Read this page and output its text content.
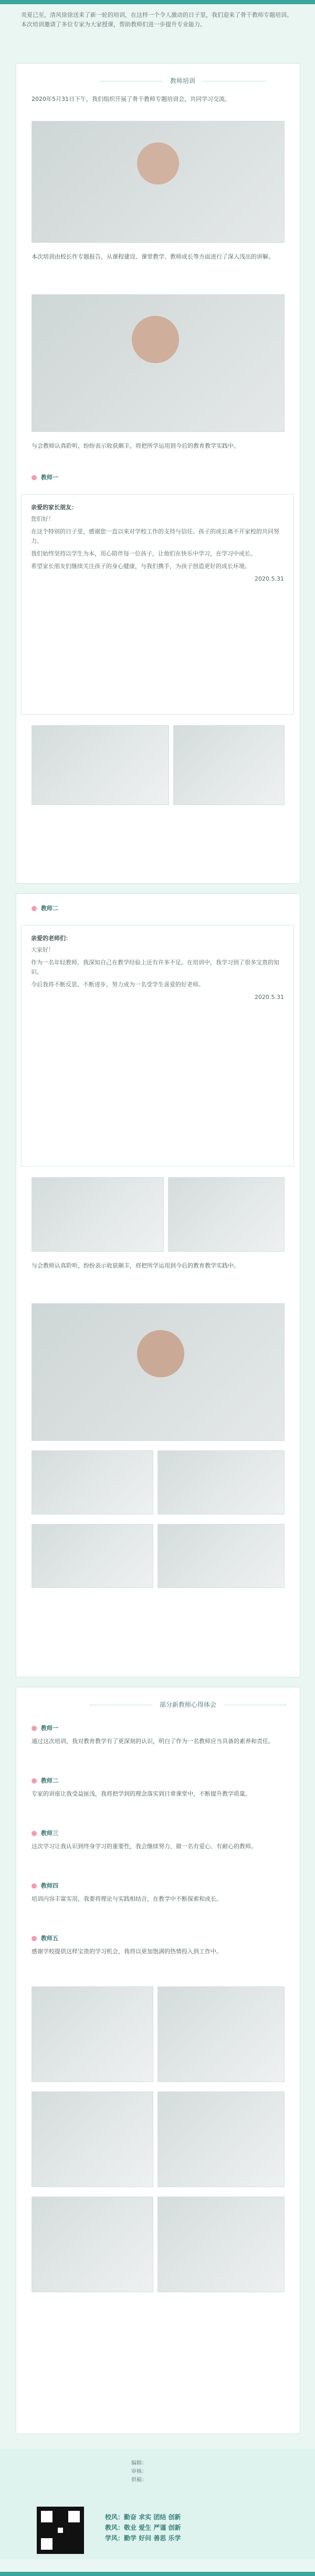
炎夏已至，清风徐徐送来了新一轮的培训，在这样一个令人激动的日子里，我们迎来了骨干教师专题培训。本次培训邀请了多位专家为大家授课，帮助教师们进一步提升专业能力。
教师培训
2020年5月31日下午，我们组织开展了骨干教师专题培训会，共同学习交流。
本次培训由校长作专题报告，从课程建设、课堂教学、教师成长等方面进行了深入浅出的讲解。
与会教师认真聆听，纷纷表示收获颇丰，将把所学运用到今后的教育教学实践中。
教师一
亲爱的家长朋友：
您们好！
在这个特别的日子里，感谢您一直以来对学校工作的支持与信任。孩子的成长离不开家校的共同努力。
我们始终坚持以学生为本，用心陪伴每一位孩子，让他们在快乐中学习，在学习中成长。
希望家长朋友们继续关注孩子的身心健康，与我们携手，为孩子创造更好的成长环境。
2020.5.31
教师二
亲爱的老师们：
大家好！
作为一名年轻教师，我深知自己在教学经验上还有许多不足。在培训中，我学习到了很多宝贵的知识。
今后我将不断反思、不断进步，努力成为一名受学生喜爱的好老师。
2020.5.31
与会教师认真聆听，纷纷表示收获颇丰，将把所学运用到今后的教育教学实践中。
部分新教师心得体会
教师一
通过这次培训，我对教育教学有了更深刻的认识，明白了作为一名教师应当具备的素养和责任。
教师二
专家的讲座让我受益匪浅，我将把学到的理念落实到日常课堂中，不断提升教学质量。
教师三
这次学习让我认识到终身学习的重要性，我会继续努力，做一名有爱心、有耐心的教师。
教师四
培训内容丰富实用，我要将理论与实践相结合，在教学中不断探索和成长。
教师五
感谢学校提供这样宝贵的学习机会，我将以更加饱满的热情投入到工作中。
编辑：
审核：
供稿：
校风：勤奋 求实 团结 创新
教风：敬业 爱生 严谨 创新
学风：勤学 好问 善思 乐学
